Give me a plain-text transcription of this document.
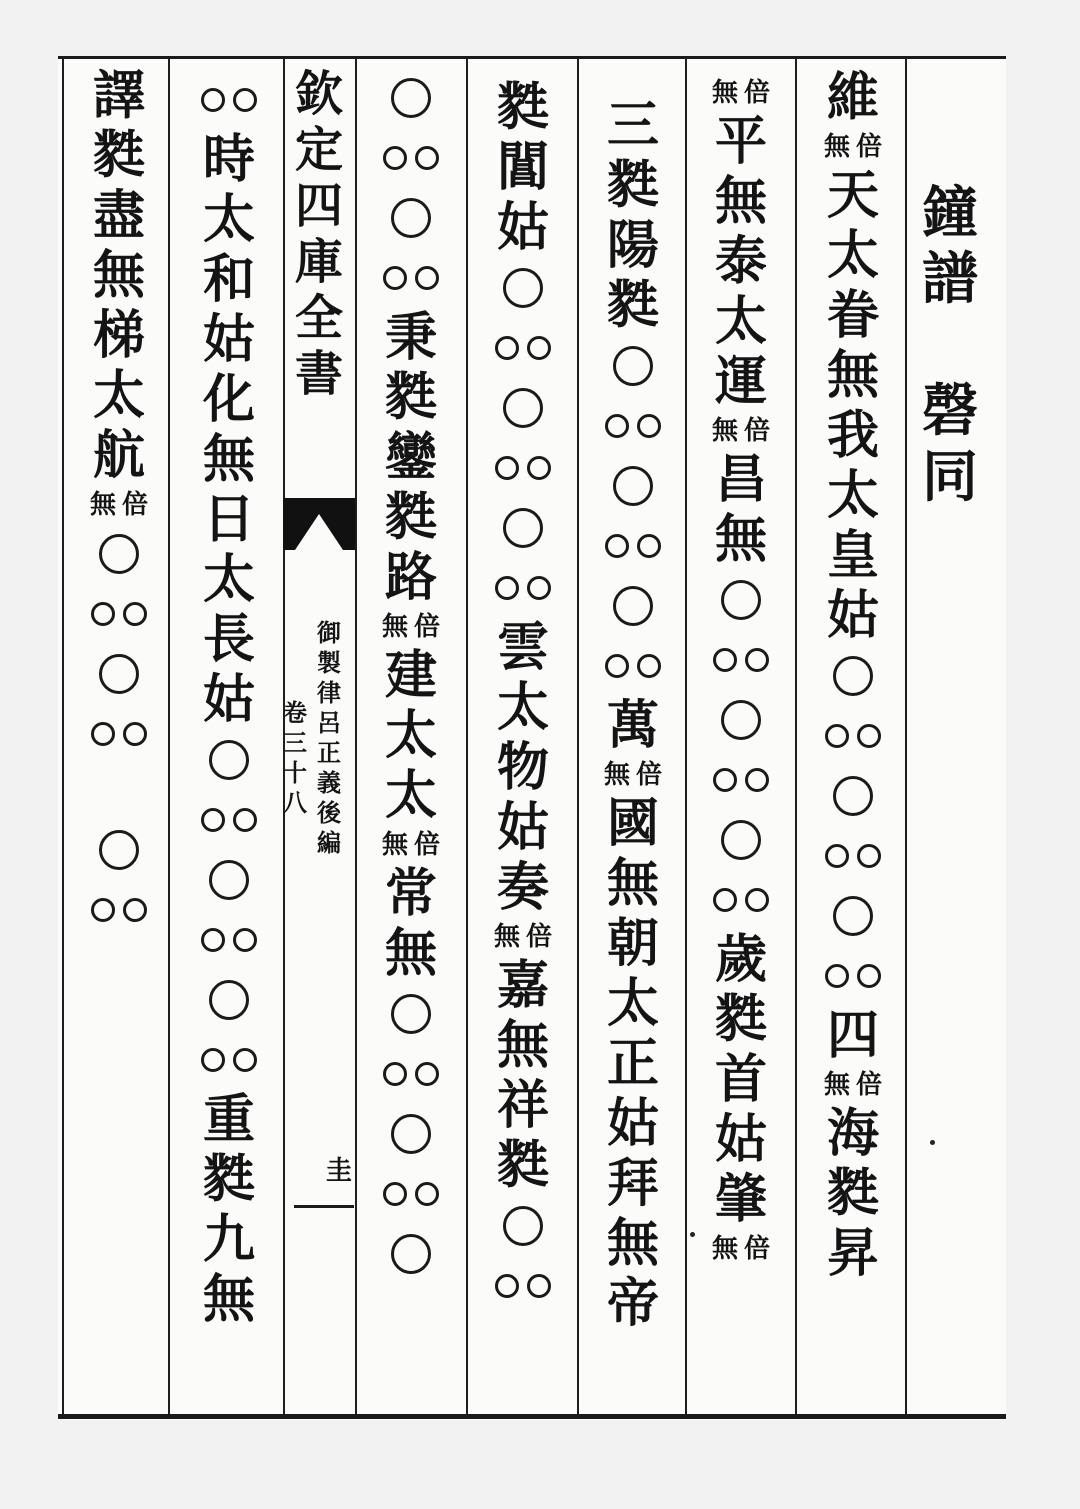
鐘
譜
磬
同
欽
定
四
庫
全
書
卷
三
十
八
御
製
律
呂
正
義
後
編
圭
維
無 倍
天
太
眷
無
我
太
皇
姑
四
無 倍
海
㽔
昇
無 倍
平
無
泰
太
運
無 倍
昌
無
歲
㽔
首
姑
肇
無 倍
三
㽔
陽
㽔
萬
無 倍
國
無
朝
太
正
姑
拜
無
帝
㽔
閶
姑
雲
太
物
姑
奏
無 倍
嘉
無
祥
㽔
秉
㽔
鑾
㽔
路
無 倍
建
太
太
無 倍
常
無
時
太
和
姑
化
無
日
太
長
姑
重
㽔
九
無
譯
㽔
盡
無
梯
太
航
無 倍
